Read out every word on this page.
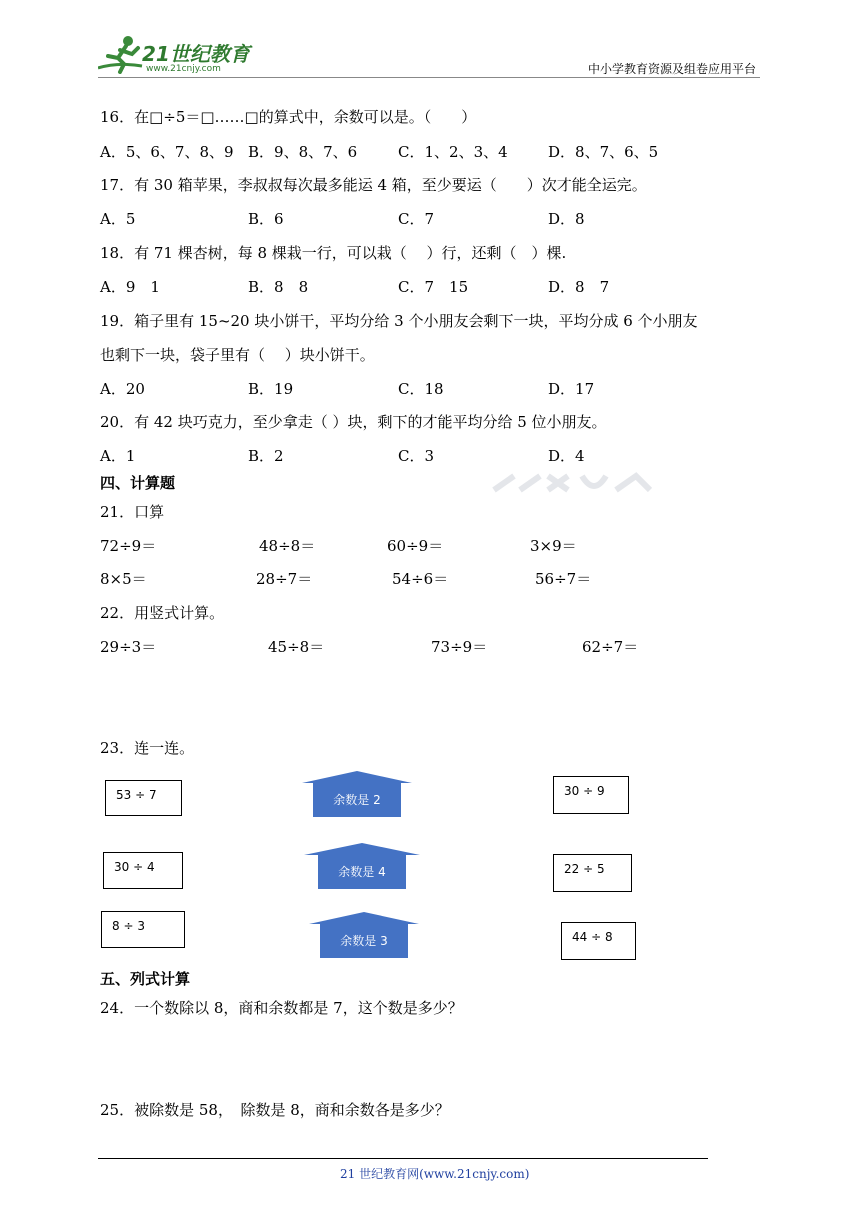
21世纪教育
www.21cnjy.com	中小学教育资源及组卷应用平台
16．在□÷5＝□……□的算式中，余数可以是。（　　）
A．5、6、7、8、9 B．9、8、7、6	C．1、2、3、4	D．8、7、6、5
17．有 30 箱苹果，李叔叔每次最多能运 4 箱，至少要运（　　）次才能全运完。
A．5	B．6	C．7	D．8
18．有 71 棵杏树，每 8 棵栽一行，可以栽（　 ）行，还剩（　）棵.
A．9　1	B．8　8	C．7　15	D．8　7
19．箱子里有 15~20 块小饼干，平均分给 3 个小朋友会剩下一块，平均分成 6 个小朋友
也剩下一块，袋子里有（　 ）块小饼干。
A．20	B．19	C．18	D．17
20．有 42 块巧克力，至少拿走（ ）块，剩下的才能平均分给 5 位小朋友。
A．1	B．2	C．3	D．4
四、计算题
21．口算
72÷9＝	48÷8＝	60÷9＝	3×9＝
8×5＝	28÷7＝	54÷6＝	56÷7＝
22．用竖式计算。
29÷3＝	45÷8＝	73÷9＝	62÷7＝
23．连一连。
53 ÷ 7
30 ÷ 4
8 ÷ 3
余数是 2
余数是 4
余数是 3
30 ÷ 9
22 ÷ 5
44 ÷ 8
五、列式计算
24．一个数除以 8，商和余数都是 7，这个数是多少？
25．被除数是 58，　除数是 8，商和余数各是多少？
21 世纪教育网(www.21cnjy.com)
